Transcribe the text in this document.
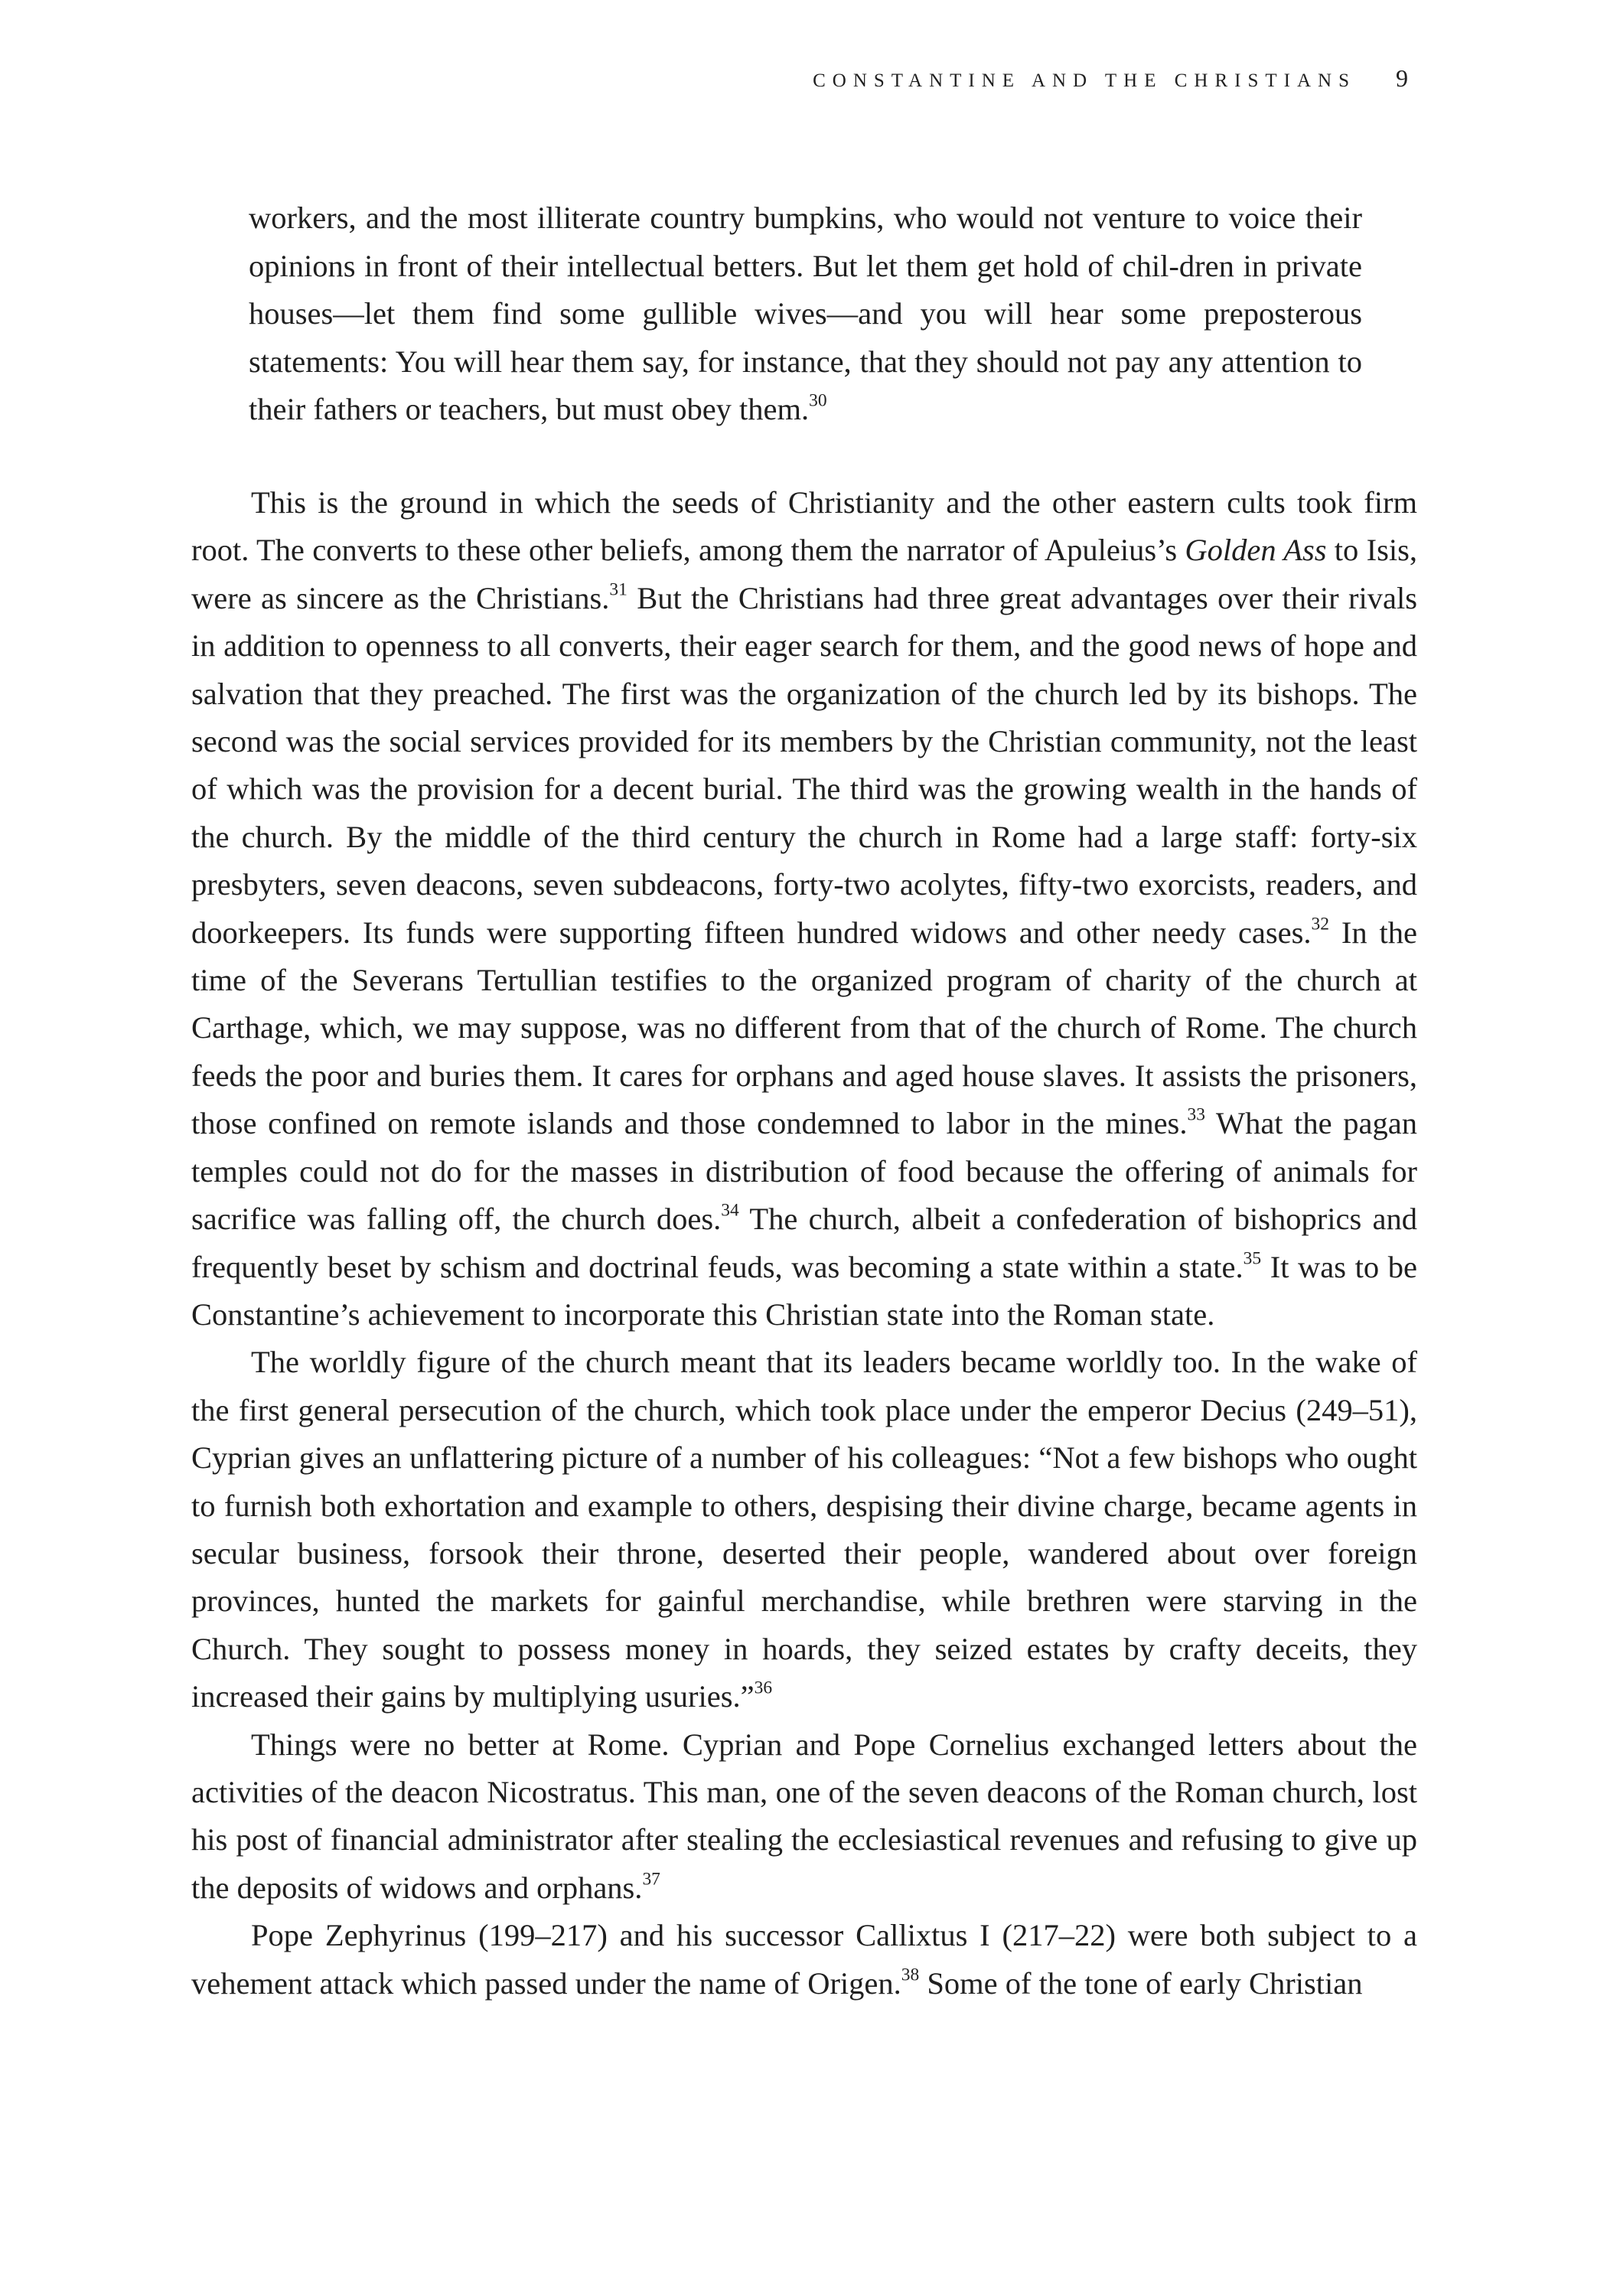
CONSTANTINE AND THE CHRISTIANS 9

workers, and the most illiterate country bumpkins, who would not venture to voice their opinions in front of their intellectual betters. But let them get hold of chil-dren in private houses—let them find some gullible wives—and you will hear some preposterous statements: You will hear them say, for instance, that they should not pay any attention to their fathers or teachers, but must obey them.$^{30}$

This is the ground in which the seeds of Christianity and the other eastern cults took firm root. The converts to these other beliefs, among them the narrator of Apuleius’s Golden Ass to Isis, were as sincere as the Christians.$^{31}$ But the Christians had three great advantages over their rivals in addition to openness to all converts, their eager search for them, and the good news of hope and salvation that they preached. The first was the organization of the church led by its bishops. The second was the social services provided for its members by the Christian community, not the least of which was the provision for a decent burial. The third was the growing wealth in the hands of the church. By the middle of the third century the church in Rome had a large staff: forty-six presbyters, seven deacons, seven subdeacons, forty-two acolytes, fifty-two exorcists, readers, and doorkeepers. Its funds were supporting fifteen hundred widows and other needy cases.$^{32}$ In the time of the Severans Tertullian testifies to the organized program of charity of the church at Carthage, which, we may suppose, was no different from that of the church of Rome. The church feeds the poor and buries them. It cares for orphans and aged house slaves. It assists the prisoners, those confined on remote islands and those condemned to labor in the mines.$^{33}$ What the pagan temples could not do for the masses in distribution of food because the offering of animals for sacrifice was falling off, the church does.$^{34}$ The church, albeit a confederation of bishoprics and frequently beset by schism and doctrinal feuds, was becoming a state within a state.$^{35}$ It was to be Constantine’s achievement to incorporate this Christian state into the Roman state.

The worldly figure of the church meant that its leaders became worldly too. In the wake of the first general persecution of the church, which took place under the emperor Decius (249–51), Cyprian gives an unflattering picture of a number of his colleagues: “Not a few bishops who ought to furnish both exhortation and example to others, despising their divine charge, became agents in secular business, forsook their throne, deserted their people, wandered about over foreign provinces, hunted the markets for gainful merchandise, while brethren were starving in the Church. They sought to possess money in hoards, they seized estates by crafty deceits, they increased their gains by multiplying usuries.”$^{36}$

Things were no better at Rome. Cyprian and Pope Cornelius exchanged letters about the activities of the deacon Nicostratus. This man, one of the seven deacons of the Roman church, lost his post of financial administrator after stealing the ecclesiastical revenues and refusing to give up the deposits of widows and orphans.$^{37}$

Pope Zephyrinus (199–217) and his successor Callixtus I (217–22) were both subject to a vehement attack which passed under the name of Origen.$^{38}$ Some of the tone of early Christian
